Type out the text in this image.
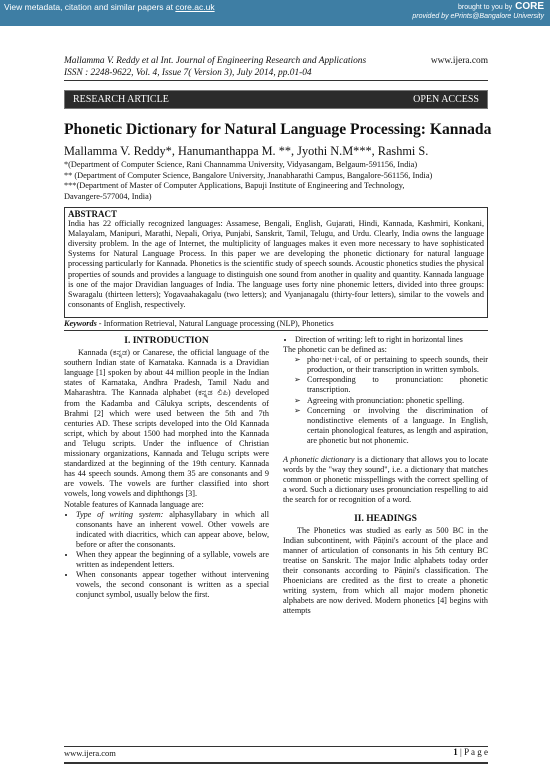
View metadata, citation and similar papers at core.ac.uk	brought to you by CORE
provided by ePrints@Bangalore University
Mallamma V. Reddy et al Int. Journal of Engineering Research and Applications	www.ijera.com
ISSN : 2248-9622, Vol. 4, Issue 7( Version 3), July 2014, pp.01-04
RESEARCH ARTICLE	OPEN ACCESS
Phonetic Dictionary for Natural Language Processing: Kannada
Mallamma V. Reddy*, Hanumanthappa M. **, Jyothi N.M***, Rashmi S.
*(Department of Computer Science, Rani Channamma University, Vidyasangam, Belgaum-591156, India)
** (Department of Computer Science, Bangalore University, Jnanabharathi Campus, Bangalore-561156, India)
***(Department of Master of Computer Applications, Bapuji Institute of Engineering and Technology,
Davangere-577004, India)
ABSTRACT
India has 22 officially recognized languages: Assamese, Bengali, English, Gujarati, Hindi, Kannada, Kashmiri, Konkani, Malayalam, Manipuri, Marathi, Nepali, Oriya, Punjabi, Sanskrit, Tamil, Telugu, and Urdu. Clearly, India owns the language diversity problem. In the age of Internet, the multiplicity of languages makes it even more necessary to have sophisticated Systems for Natural Language Process. In this paper we are developing the phonetic dictionary for natural language processing particularly for Kannada. Phonetics is the scientific study of speech sounds. Acoustic phonetics studies the physical properties of sounds and provides a language to distinguish one sound from another in quality and quantity. Kannada language is one of the major Dravidian languages of India. The language uses forty nine phonemic letters, divided into three groups: Swaragalu (thirteen letters); Yogavaahakagalu (two letters); and Vyanjanagalu (thirty-four letters), similar to the vowels and consonants of English, respectively.
Keywords - Information Retrieval, Natural Language processing (NLP), Phonetics
I. INTRODUCTION
Kannada (ಕನ್ನಡ) or Canarese, the official language of the southern Indian state of Karnataka. Kannada is a Dravidian language [1] spoken by about 44 million people in the Indian states of Karnataka, Andhra Pradesh, Tamil Nadu and Maharashtra. The Kannada alphabet (ಕನ್ನಡ ಲಿಪಿ) developed from the Kadamba and Cālukya scripts, descendents of Brahmi [2] which were used between the 5th and 7th centuries AD. These scripts developed into the Old Kannada script, which by about 1500 had morphed into the Kannada and Telugu scripts. Under the influence of Christian missionary organizations, Kannada and Telugu scripts were standardized at the beginning of the 19th century. Kannada has 44 speech sounds. Among them 35 are consonants and 9 are vowels. The vowels are further classified into short vowels, long vowels and diphthongs [3].
Notable features of Kannada language are:
• Type of writing system: alphasyllabary in which all consonants have an inherent vowel. Other vowels are indicated with diacritics, which can appear above, below, before or after the consonants.
• When they appear the beginning of a syllable, vowels are written as independent letters.
• When consonants appear together without intervening vowels, the second consonant is written as a special conjunct symbol, usually below the first.
• Direction of writing: left to right in horizontal lines
The phonetic can be defined as:
➢ pho·net·i·cal, of or pertaining to speech sounds, their production, or their transcription in written symbols.
➢ Corresponding to pronunciation: phonetic transcription.
➢ Agreeing with pronunciation: phonetic spelling.
➢ Concerning or involving the discrimination of nondistinctive elements of a language. In English, certain phonological features, as length and aspiration, are phonetic but not phonemic.
A phonetic dictionary is a dictionary that allows you to locate words by the "way they sound", i.e. a dictionary that matches common or phonetic misspellings with the correct spelling of a word. Such a dictionary uses pronunciation respelling to aid the search for or recognition of a word.
II. HEADINGS
The Phonetics was studied as early as 500 BC in the Indian subcontinent, with Pāṇini's account of the place and manner of articulation of consonants in his 5th century BC treatise on Sanskrit. The major Indic alphabets today order their consonants according to Pāṇini's classification. The Phoenicians are credited as the first to create a phonetic writing system, from which all major modern phonetic alphabets are now derived. Modern phonetics [4] begins with attempts
www.ijera.com	1 | P a g e
